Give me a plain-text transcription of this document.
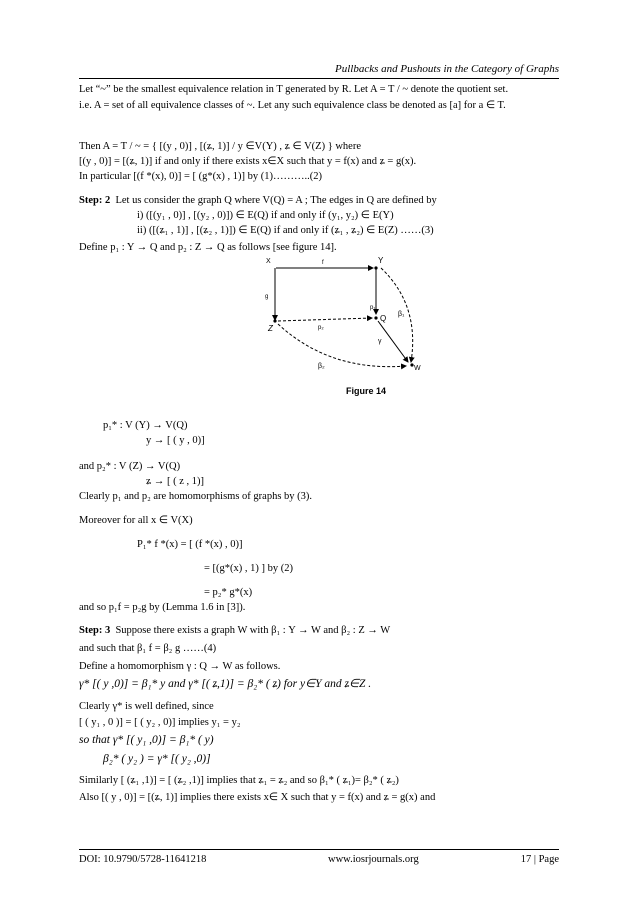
Pullbacks and Pushouts in the Category of Graphs
Let “~” be the smallest equivalence relation in T generated by R. Let A = T / ~ denote the quotient set.
i.e. A = set of all equivalence classes of ~. Let any such equivalence class be denoted as [a] for a ∈ T.
Then A = T / ~ = { [(y , 0)] , [(ʑ, 1)] / y ∈V(Y) , ʑ ∈ V(Z) } where
[(y , 0)] = [(ʑ, 1)] if and only if there exists x∈X such that y = f(x) and ʑ = g(x).
In particular [(f *(x), 0)] = [ (g*(x) , 1)] by (1)………..(2)
Step: 2 Let us consider the graph Q where V(Q) = A ; The edges in Q are defined by
i) ([(y₁ , 0)] , [(y₂ , 0)]) ∈ E(Q) if and only if (y₁, y₂) ∈ E(Y)
ii) ([(ʑ₁ , 1)] , [(ʑ₂ , 1)]) ∈ E(Q) if and only if (ʑ₁ , ʑ₂) ∈ E(Z) ……(3)
Define p₁ : Y → Q and p₂ : Z → Q as follows [see figure 14].
X	Y
Z
Q
W
f
g
p₁
p₂
β₁
β₂
γ
Figure 14
p₁* : V (Y) → V(Q)
y → [ ( y , 0)]
and p₂* : V (Z) → V(Q)
ʑ → [ ( z , 1)]
Clearly p₁ and p₂ are homomorphisms of graphs by (3).
Moreover for all x ∈ V(X)
P₁* f *(x) = [ (f *(x) , 0)]
= [(g*(x) , 1) ] by (2)
= p₂* g*(x)
and so p₁f = p₂g by (Lemma 1.6 in [3]).
Step: 3 Suppose there exists a graph W with β₁ : Y → W and β₂ : Z → W
and such that β₁ f = β₂ g ……(4)
Define a homomorphism γ : Q → W as follows.
γ* [( y ,0)] = β₁* y and γ* [( ʑ,1)] = β₂* ( ʑ) for y∈Y and ʑ∈Z .
Clearly γ* is well defined, since
[ ( y₁ , 0 )] = [ ( y₂ , 0)] implies y₁ = y₂
so that γ* [( y₁ ,0)] = β₁* ( y)
β₂* ( y₂ ) = γ* [( y₂ ,0)]
Similarly [ (ʑ₁ ,1)] = [ (ʑ₂ ,1)] implies that ʑ₁ = ʑ₂ and so β₁* ( ʑ₁)= β₂* ( ʑ₂)
Also [( y , 0)] = [(ʑ, 1)] implies there exists x∈ X such that y = f(x) and ʑ = g(x) and
DOI: 10.9790/5728-11641218	www.iosrjournals.org	17 | Page
